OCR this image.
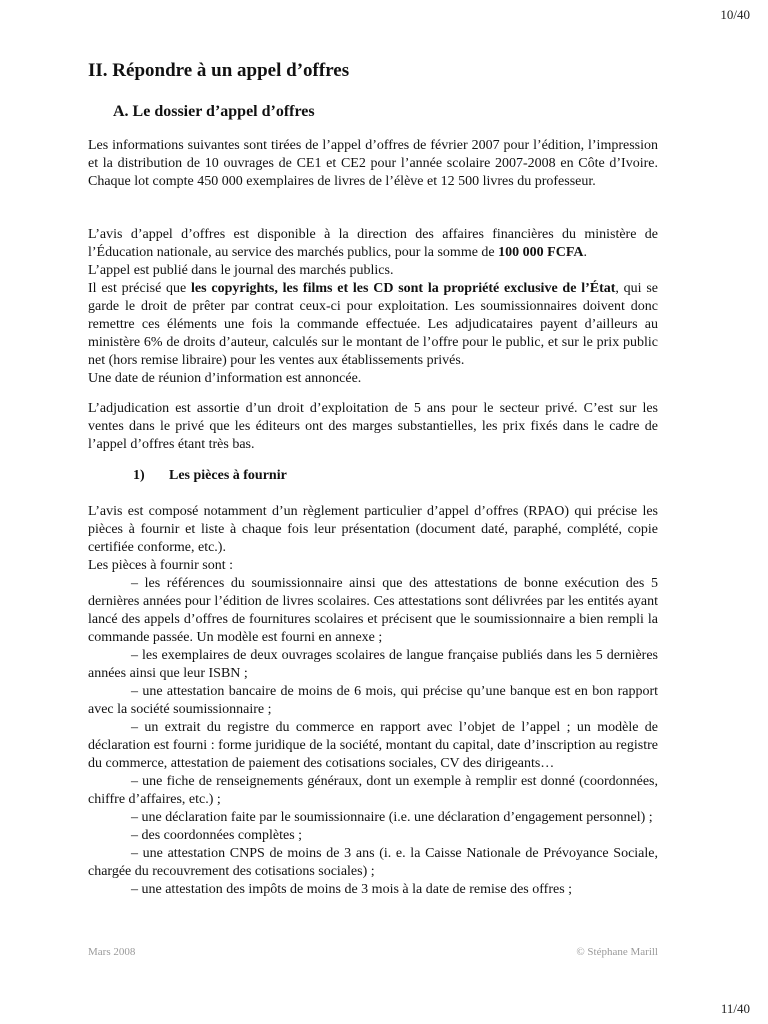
10/40
II. Répondre à un appel d’offres
A. Le dossier d’appel d’offres

Les informations suivantes sont tirées de l’appel d’offres de février 2007 pour l’édition, l’impression et la distribution de 10 ouvrages de CE1 et CE2 pour l’année scolaire 2007-2008 en Côte d’Ivoire. Chaque lot compte 450 000 exemplaires de livres de l’élève et 12 500 livres du professeur.

L’avis d’appel d’offres est disponible à la direction des affaires financières du ministère de l’Éducation nationale, au service des marchés publics, pour la somme de 100 000 FCFA.
L’appel est publié dans le journal des marchés publics.
Il est précisé que les copyrights, les films et les CD sont la propriété exclusive de l’État, qui se garde le droit de prêter par contrat ceux-ci pour exploitation. Les soumissionnaires doivent donc remettre ces éléments une fois la commande effectuée. Les adjudicataires payent d’ailleurs au ministère 6% de droits d’auteur, calculés sur le montant de l’offre pour le public, et sur le prix public net (hors remise libraire) pour les ventes aux établissements privés.
Une date de réunion d’information est annoncée.

L’adjudication est assortie d’un droit d’exploitation de 5 ans pour le secteur privé. C’est sur les ventes dans le privé que les éditeurs ont des marges substantielles, les prix fixés dans le cadre de l’appel d’offres étant très bas.

1) Les pièces à fournir

L’avis est composé notamment d’un règlement particulier d’appel d’offres (RPAO) qui précise les pièces à fournir et liste à chaque fois leur présentation (document daté, paraphé, complété, copie certifiée conforme, etc.).

Les pièces à fournir sont :

– les références du soumissionnaire ainsi que des attestations de bonne exécution des 5 dernières années pour l’édition de livres scolaires. Ces attestations sont délivrées par les entités ayant lancé des appels d’offres de fournitures scolaires et précisent que le soumissionnaire a bien rempli la commande passée. Un modèle est fourni en annexe ;

– les exemplaires de deux ouvrages scolaires de langue française publiés dans les 5 dernières années ainsi que leur ISBN ;

– une attestation bancaire de moins de 6 mois, qui précise qu’une banque est en bon rapport avec la société soumissionnaire ;

– un extrait du registre du commerce en rapport avec l’objet de l’appel ; un modèle de déclaration est fourni : forme juridique de la société, montant du capital, date d’inscription au registre du commerce, attestation de paiement des cotisations sociales, CV des dirigeants…

– une fiche de renseignements généraux, dont un exemple à remplir est donné (coordonnées, chiffre d’affaires, etc.) ;

– une déclaration faite par le soumissionnaire (i.e. une déclaration d’engagement personnel) ;

– des coordonnées complètes ;

– une attestation CNPS de moins de 3 ans (i. e. la Caisse Nationale de Prévoyance Sociale, chargée du recouvrement des cotisations sociales) ;

– une attestation des impôts de moins de 3 mois à la date de remise des offres ;

Mars 2008	© Stéphane Marill
11/40
